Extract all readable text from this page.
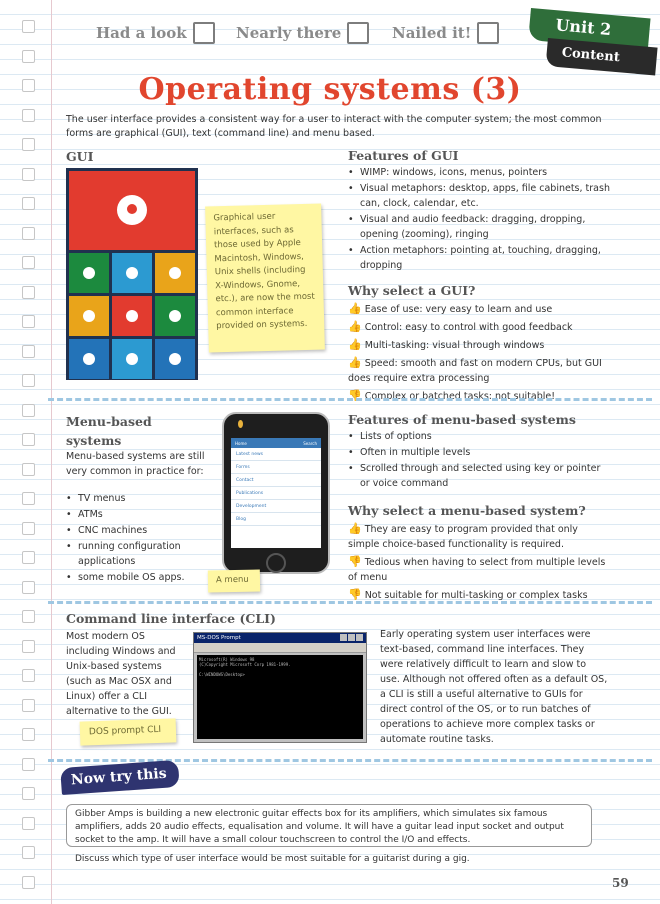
Had a look	Nearly there	Nailed it!	Unit 2
Content
Operating systems (3)
The user interface provides a consistent way for a user to interact with the computer system; the most common forms are graphical (GUI), text (command line) and menu based.
GUI
Graphical user interfaces, such as those used by Apple Macintosh, Windows, Unix shells (including X-Windows, Gnome, etc.), are now the most common interface provided on systems.
Features of GUI
• WIMP: windows, icons, menus, pointers
• Visual metaphors: desktop, apps, file cabinets, trash can, clock, calendar, etc.
• Visual and audio feedback: dragging, dropping, opening (zooming), ringing
• Action metaphors: pointing at, touching, dragging, dropping
Why select a GUI?
👍 Ease of use: very easy to learn and use
👍 Control: easy to control with good feedback
👍 Multi-tasking: visual through windows
👍 Speed: smooth and fast on modern CPUs, but GUI does require extra processing
👎 Complex or batched tasks: not suitable!
Menu-based systems
Menu-based systems are still very common in practice for:
• TV menus
• ATMs
• CNC machines
• running configuration applications
• some mobile OS apps.
Home	Search
Latest news
Forms
Contact
Publications
Development
Blog
A menu
Features of menu-based systems
• Lists of options
• Often in multiple levels
• Scrolled through and selected using key or pointer or voice command
Why select a menu-based system?
👍 They are easy to program provided that only simple choice-based functionality is required.
👎 Tedious when having to select from multiple levels of menu
👎 Not suitable for multi-tasking or complex tasks
Command line interface (CLI)
Most modern OS including Windows and Unix-based systems (such as Mac OSX and Linux) offer a CLI alternative to the GUI.
MS-DOS Prompt
Microsoft(R) Windows 98
(C)Copyright Microsoft Corp 1981-1999.

C:\WINDOWS\Desktop>
DOS prompt CLI
Early operating system user interfaces were text-based, command line interfaces. They were relatively difficult to learn and slow to use. Although not offered often as a default OS, a CLI is still a useful alternative to GUIs for direct control of the OS, or to run batches of operations to achieve more complex tasks or automate routine tasks.
Now try this
Gibber Amps is building a new electronic guitar effects box for its amplifiers, which simulates six famous amplifiers, adds 20 audio effects, equalisation and volume. It will have a guitar lead input socket and output socket to the amp. It will have a small colour touchscreen to control the I/O and effects.
Discuss which type of user interface would be most suitable for a guitarist during a gig.
59
